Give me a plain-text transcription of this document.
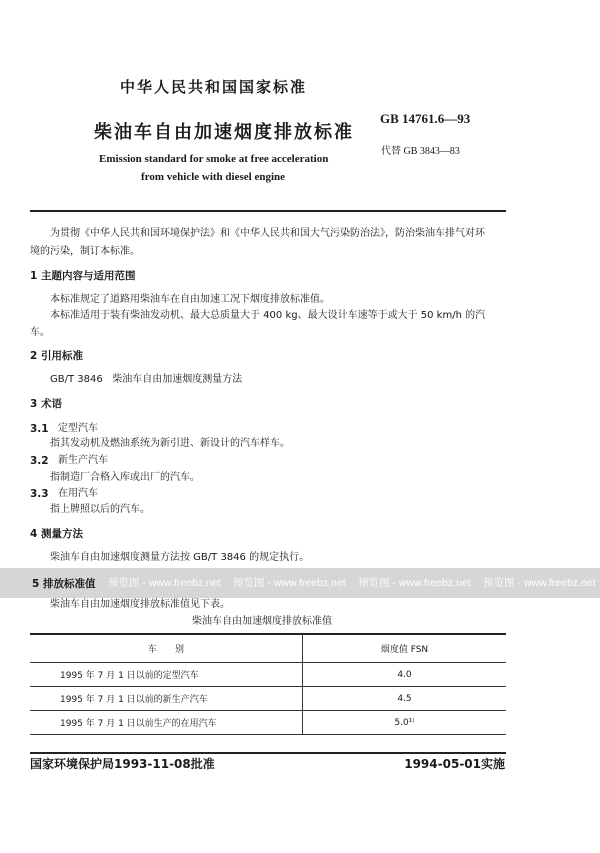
中华人民共和国国家标准
柴油车自由加速烟度排放标准
GB 14761.6—93
代替 GB 3843—83
Emission standard for smoke at free acceleration
from vehicle with diesel engine
为贯彻《中华人民共和国环境保护法》和《中华人民共和国大气污染防治法》，防治柴油车排气对环
境的污染，制订本标准。
1 主题内容与适用范围
本标准规定了道路用柴油车在自由加速工况下烟度排放标准值。
本标准适用于装有柴油发动机、最大总质量大于 400 kg、最大设计车速等于或大于 50 km/h 的汽
车。
2 引用标准
GB/T 3846   柴油车自由加速烟度测量方法
3 术语
3.1 定型汽车
指其发动机及燃油系统为新引进、新设计的汽车样车。
3.2 新生产汽车
指制造厂合格入库或出厂的汽车。
3.3 在用汽车
指上牌照以后的汽车。
4 测量方法
柴油车自由加速烟度测量方法按 GB/T 3846 的规定执行。
预览图 - www.freebz.net 预览图 - www.freebz.net 预览图 - www.freebz.net 预览图 - www.freebz.net
5 排放标准值
柴油车自由加速烟度排放标准值见下表。
柴油车自由加速烟度排放标准值
车　　别	烟度值 FSN
1995 年 7 月 1 日以前的定型汽车	4.0
1995 年 7 月 1 日以前的新生产汽车	4.5
1995 年 7 月 1 日以前生产的在用汽车	5.0¹⁾
国家环境保护局1993-11-08批准	1994-05-01实施
